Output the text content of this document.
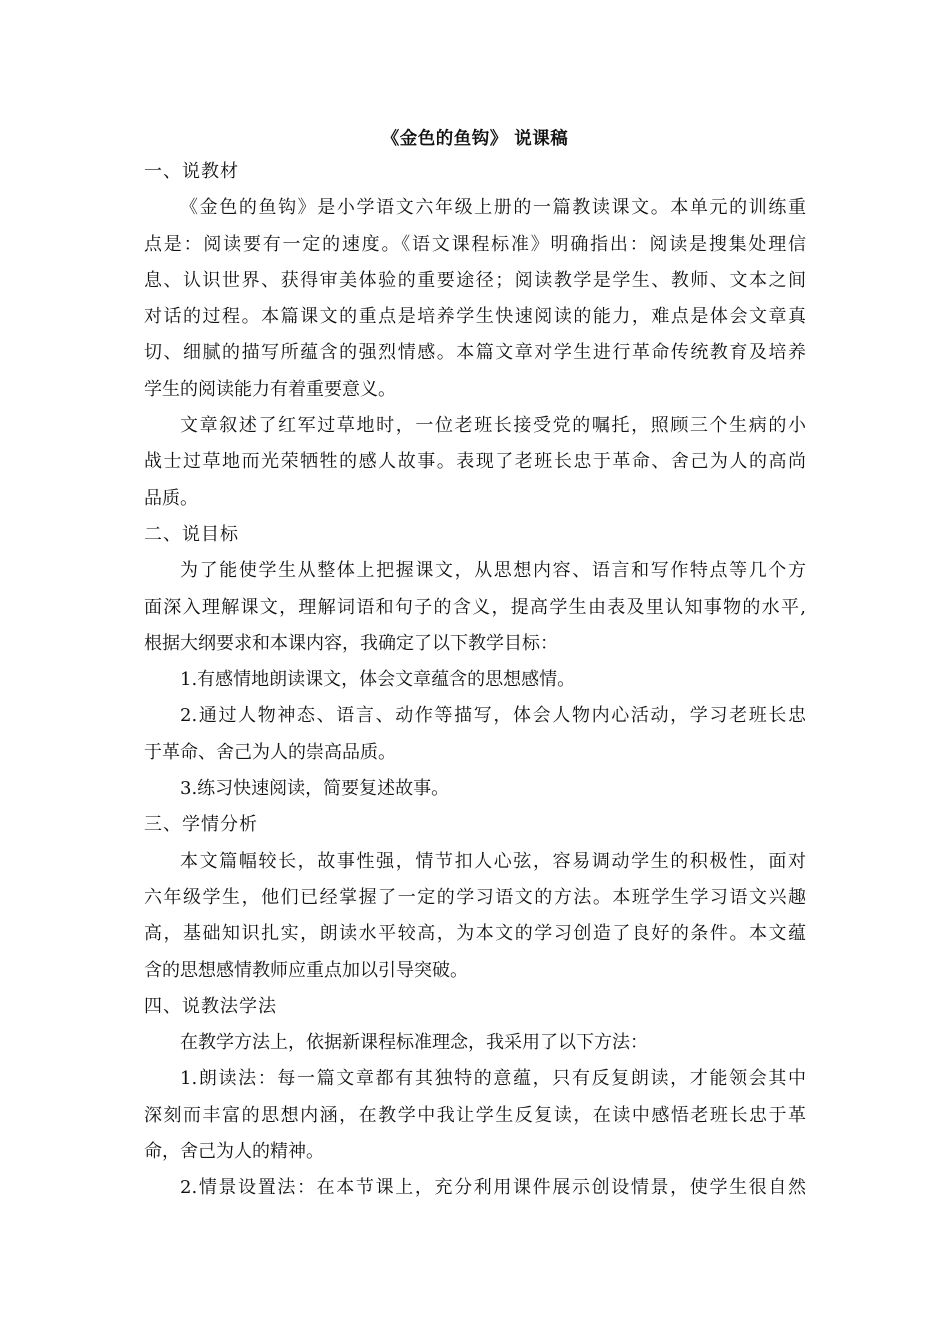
《金色的鱼钩》 说课稿

一、说教材

《金色的鱼钩》是小学语文六年级上册的一篇教读课文。本单元的训练重

点是：阅读要有一定的速度。《语文课程标准》明确指出：阅读是搜集处理信

息、认识世界、获得审美体验的重要途径；阅读教学是学生、教师、文本之间

对话的过程。本篇课文的重点是培养学生快速阅读的能力，难点是体会文章真

切、细腻的描写所蕴含的强烈情感。本篇文章对学生进行革命传统教育及培养

学生的阅读能力有着重要意义。

文章叙述了红军过草地时，一位老班长接受党的嘱托，照顾三个生病的小

战士过草地而光荣牺牲的感人故事。表现了老班长忠于革命、舍己为人的高尚

品质。

二、说目标

为了能使学生从整体上把握课文，从思想内容、语言和写作特点等几个方

面深入理解课文，理解词语和句子的含义，提高学生由表及里认知事物的水平,

根据大纲要求和本课内容，我确定了以下教学目标：

1.有感情地朗读课文，体会文章蕴含的思想感情。

2.通过人物神态、语言、动作等描写，体会人物内心活动，学习老班长忠

于革命、舍己为人的崇高品质。

3.练习快速阅读，简要复述故事。

三、学情分析

本文篇幅较长，故事性强，情节扣人心弦，容易调动学生的积极性，面对

六年级学生，他们已经掌握了一定的学习语文的方法。本班学生学习语文兴趣

高，基础知识扎实，朗读水平较高，为本文的学习创造了良好的条件。本文蕴

含的思想感情教师应重点加以引导突破。

四、说教法学法

在教学方法上，依据新课程标准理念，我采用了以下方法：

1.朗读法：每一篇文章都有其独特的意蕴，只有反复朗读，才能领会其中

深刻而丰富的思想内涵，在教学中我让学生反复读，在读中感悟老班长忠于革

命，舍己为人的精神。

2.情景设置法：在本节课上，充分利用课件展示创设情景，使学生很自然
